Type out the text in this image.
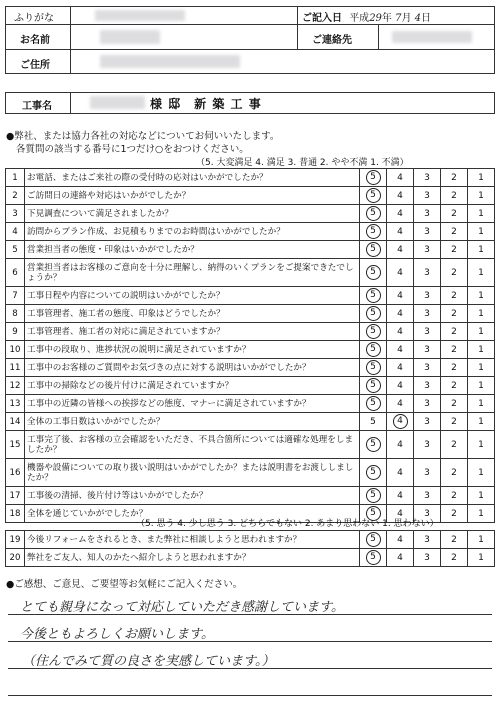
ふりがな
お名前
ご住所
ご記入日 平成29年 7月 4日
ご連絡先
工事名	様 邸　新 築 工 事
●弊社、または協力各社の対応などについてお伺いいたします。
各質問の該当する番号に1つだけ○をおつけください。
（5. 大変満足 4. 満足 3. 普通 2. やや不満 1. 不満）
1	お電話、またはご来社の際の受付時の応対はいかがでしたか？	5	4	3	2	1
2	ご訪問日の連絡や対応はいかがでしたか？	5	4	3	2	1
3	下見調査について満足されましたか？	5	4	3	2	1
4	訪問からプラン作成、お見積もりまでのお時間はいかがでしたか？	5	4	3	2	1
5	営業担当者の態度・印象はいかがでしたか？	5	4	3	2	1
6	営業担当者はお客様のご意向を十分に理解し、納得のいくプランをご提案できたでしょうか？	5	4	3	2	1
7	工事日程や内容についての説明はいかがでしたか？	5	4	3	2	1
8	工事管理者、施工者の態度、印象はどうでしたか？	5	4	3	2	1
9	工事管理者、施工者の対応に満足されていますか？	5	4	3	2	1
10	工事中の段取り、進捗状況の説明に満足されていますか？	5	4	3	2	1
11	工事中のお客様のご質問やお気づきの点に対する説明はいかがでしたか？	5	4	3	2	1
12	工事中の掃除などの後片付けに満足されていますか？	5	4	3	2	1
13	工事中の近隣の皆様への挨拶などの態度、マナーに満足されていますか？	5	4	3	2	1
14	全体の工事日数はいかがでしたか？	5	4	3	2	1
15	工事完了後、お客様の立会確認をいただき、不具合箇所については適確な処理をしましたか？	5	4	3	2	1
16	機器や設備についての取り扱い説明はいかがでしたか？または説明書をお渡ししましたか？	5	4	3	2	1
17	工事後の清掃、後片付け等はいかがでしたか？	5	4	3	2	1
18	全体を通じていかがでしたか？	5	4	3	2	1
（5. 思う 4. 少し思う 3. どちらでもない 2. あまり思わない 1. 思わない）
19	今後リフォームをされるとき、また弊社に相談しようと思われますか？	5	4	3	2	1
20	弊社をご友人、知人のかたへ紹介しようと思われますか？	5	4	3	2	1
●ご感想、ご意見、ご要望等お気軽にご記入ください。
とても親身になって対応していただき感謝しています。
今後ともよろしくお願いします。
（住んでみて質の良さを実感しています。）
